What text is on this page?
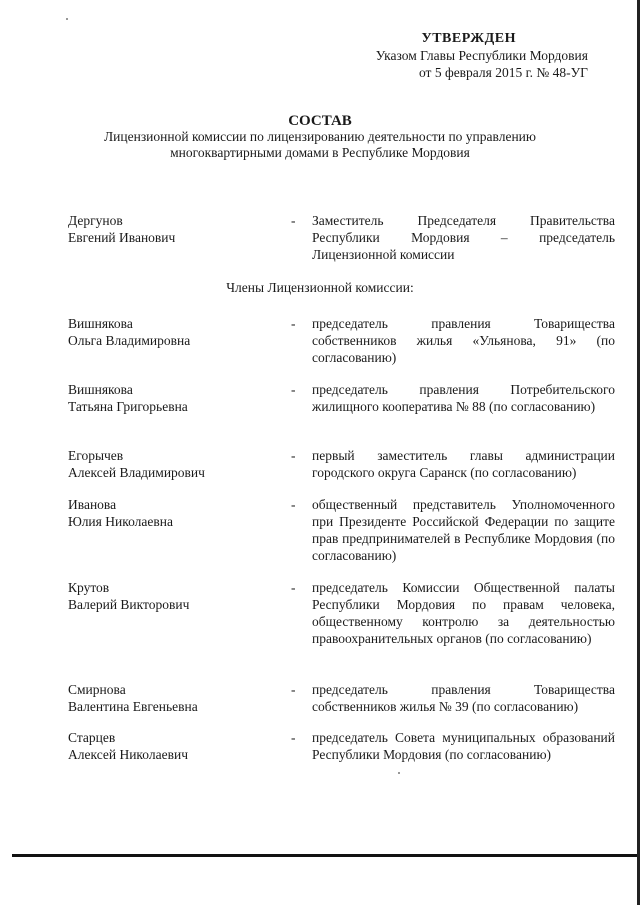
УТВЕРЖДЕН
Указом Главы Республики Мордовия
от 5 февраля 2015 г. № 48-УГ
СОСТАВ
Лицензионной комиссии по лицензированию деятельности по управлению многоквартирными домами в Республике Мордовия
Дергунов
Евгений Иванович
- Заместитель Председателя Правительства Республики Мордовия – председатель Лицензионной комиссии
Члены Лицензионной комиссии:
Вишнякова
Ольга Владимировна
- председатель правления Товарищества собственников жилья «Ульянова, 91» (по согласованию)
Вишнякова
Татьяна Григорьевна
- председатель правления Потребительского жилищного кооператива № 88 (по согласованию)
Егорычев
Алексей Владимирович
- первый заместитель главы администрации городского округа Саранск (по согласованию)
Иванова
Юлия Николаевна
- общественный представитель Уполномоченного при Президенте Российской Федерации по защите прав предпринимателей в Республике Мордовия (по согласованию)
Крутов
Валерий Викторович
- председатель Комиссии Общественной палаты Республики Мордовия по правам человека, общественному контролю за деятельностью правоохранительных органов (по согласованию)
Смирнова
Валентина Евгеньевна
- председатель правления Товарищества собственников жилья № 39 (по согласованию)
Старцев
Алексей Николаевич
- председатель Совета муниципальных образований Республики Мордовия (по согласованию)
